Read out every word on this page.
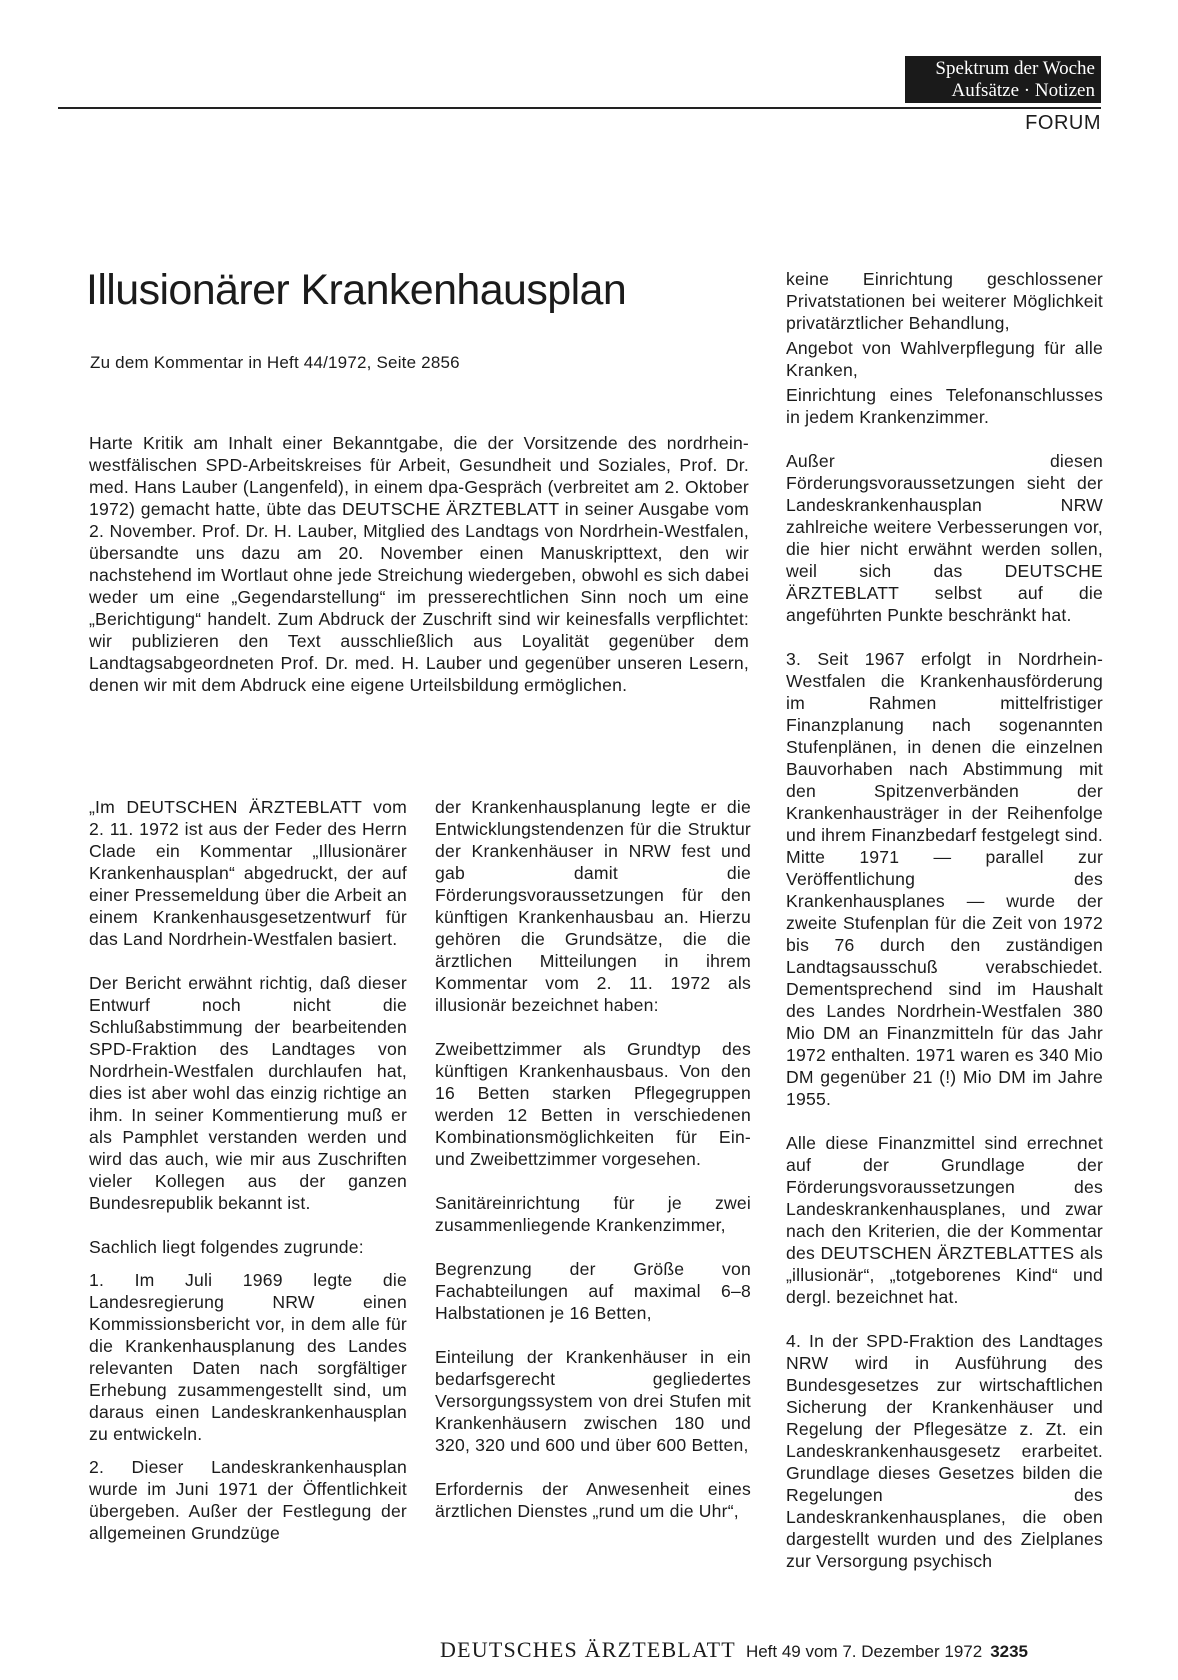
Spektrum der Woche
Aufsätze · Notizen
FORUM
Illusionärer Krankenhausplan
Zu dem Kommentar in Heft 44/1972, Seite 2856

Harte Kritik am Inhalt einer Bekanntgabe, die der Vorsitzende des nordrhein-westfälischen SPD-Arbeitskreises für Arbeit, Gesundheit und Soziales, Prof. Dr. med. Hans Lauber (Langenfeld), in einem dpa-Gespräch (verbreitet am 2. Oktober 1972) gemacht hatte, übte das DEUTSCHE ÄRZTEBLATT in seiner Ausgabe vom 2. November. Prof. Dr. H. Lauber, Mitglied des Landtags von Nordrhein-Westfalen, übersandte uns dazu am 20. November einen Manuskripttext, den wir nachstehend im Wortlaut ohne jede Streichung wiedergeben, obwohl es sich dabei weder um eine „Gegendarstellung“ im presserechtlichen Sinn noch um eine „Berichtigung“ handelt. Zum Abdruck der Zuschrift sind wir keinesfalls verpflichtet: wir publizieren den Text ausschließlich aus Loyalität gegenüber dem Landtagsabgeordneten Prof. Dr. med. H. Lauber und gegenüber unseren Lesern, denen wir mit dem Abdruck eine eigene Urteilsbildung ermöglichen.

„Im DEUTSCHEN ÄRZTEBLATT vom 2. 11. 1972 ist aus der Feder des Herrn Clade ein Kommentar „Illusionärer Krankenhausplan“ abgedruckt, der auf einer Pressemeldung über die Arbeit an einem Krankenhausgesetzentwurf für das Land Nordrhein-Westfalen basiert.

Der Bericht erwähnt richtig, daß dieser Entwurf noch nicht die Schlußabstimmung der bearbeitenden SPD-Fraktion des Landtages von Nordrhein-Westfalen durchlaufen hat, dies ist aber wohl das einzig richtige an ihm. In seiner Kommentierung muß er als Pamphlet verstanden werden und wird das auch, wie mir aus Zuschriften vieler Kollegen aus der ganzen Bundesrepublik bekannt ist.

Sachlich liegt folgendes zugrunde:

1. Im Juli 1969 legte die Landesregierung NRW einen Kommissionsbericht vor, in dem alle für die Krankenhausplanung des Landes relevanten Daten nach sorgfältiger Erhebung zusammengestellt sind, um daraus einen Landeskrankenhausplan zu entwickeln.

2. Dieser Landeskrankenhausplan wurde im Juni 1971 der Öffentlichkeit übergeben. Außer der Festlegung der allgemeinen Grundzüge

der Krankenhausplanung legte er die Entwicklungstendenzen für die Struktur der Krankenhäuser in NRW fest und gab damit die Förderungsvoraussetzungen für den künftigen Krankenhausbau an. Hierzu gehören die Grundsätze, die die ärztlichen Mitteilungen in ihrem Kommentar vom 2. 11. 1972 als illusionär bezeichnet haben:

Zweibettzimmer als Grundtyp des künftigen Krankenhausbaus. Von den 16 Betten starken Pflegegruppen werden 12 Betten in verschiedenen Kombinationsmöglichkeiten für Ein- und Zweibettzimmer vorgesehen.

Sanitäreinrichtung für je zwei zusammenliegende Krankenzimmer,

Begrenzung der Größe von Fachabteilungen auf maximal 6–8 Halbstationen je 16 Betten,

Einteilung der Krankenhäuser in ein bedarfsgerecht gegliedertes Versorgungssystem von drei Stufen mit Krankenhäusern zwischen 180 und 320, 320 und 600 und über 600 Betten,

Erfordernis der Anwesenheit eines ärztlichen Dienstes „rund um die Uhr“,

keine Einrichtung geschlossener Privatstationen bei weiterer Möglichkeit privatärztlicher Behandlung,

Angebot von Wahlverpflegung für alle Kranken,

Einrichtung eines Telefonanschlusses in jedem Krankenzimmer.

Außer diesen Förderungsvoraussetzungen sieht der Landeskrankenhausplan NRW zahlreiche weitere Verbesserungen vor, die hier nicht erwähnt werden sollen, weil sich das DEUTSCHE ÄRZTEBLATT selbst auf die angeführten Punkte beschränkt hat.

3. Seit 1967 erfolgt in Nordrhein-Westfalen die Krankenhausförderung im Rahmen mittelfristiger Finanzplanung nach sogenannten Stufenplänen, in denen die einzelnen Bauvorhaben nach Abstimmung mit den Spitzenverbänden der Krankenhausträger in der Reihenfolge und ihrem Finanzbedarf festgelegt sind. Mitte 1971 — parallel zur Veröffentlichung des Krankenhausplanes — wurde der zweite Stufenplan für die Zeit von 1972 bis 76 durch den zuständigen Landtagsausschuß verabschiedet. Dementsprechend sind im Haushalt des Landes Nordrhein-Westfalen 380 Mio DM an Finanzmitteln für das Jahr 1972 enthalten. 1971 waren es 340 Mio DM gegenüber 21 (!) Mio DM im Jahre 1955.

Alle diese Finanzmittel sind errechnet auf der Grundlage der Förderungsvoraussetzungen des Landeskrankenhausplanes, und zwar nach den Kriterien, die der Kommentar des DEUTSCHEN ÄRZTEBLATTES als „illusionär“, „totgeborenes Kind“ und dergl. bezeichnet hat.

4. In der SPD-Fraktion des Landtages NRW wird in Ausführung des Bundesgesetzes zur wirtschaftlichen Sicherung der Krankenhäuser und Regelung der Pflegesätze z. Zt. ein Landeskrankenhausgesetz erarbeitet. Grundlage dieses Gesetzes bilden die Regelungen des Landeskrankenhausplanes, die oben dargestellt wurden und des Zielplanes zur Versorgung psychisch

DEUTSCHES ÄRZTEBLATT Heft 49 vom 7. Dezember 1972 3235
